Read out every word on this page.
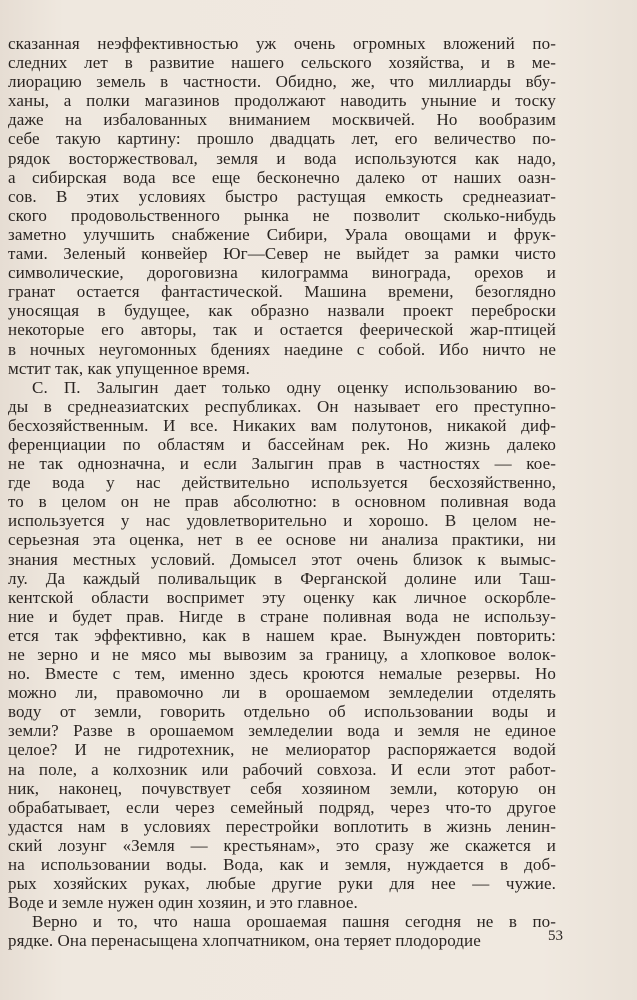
сказанная неэффективностью уж очень огромных вложений по-
следних лет в развитие нашего сельского хозяйства, и в ме-
лиорацию земель в частности. Обидно, же, что миллиарды вбу-
ханы, а полки магазинов продолжают наводить уныние и тоску
даже на избалованных вниманием москвичей. Но вообразим
себе такую картину: прошло двадцать лет, его величество по-
рядок восторжествовал, земля и вода используются как надо,
а сибирская вода все еще бесконечно далеко от наших оазн-
сов. В этих условиях быстро растущая емкость среднеазиат-
ского продовольственного рынка не позволит сколько-нибудь
заметно улучшить снабжение Сибири, Урала овощами и фрук-
тами. Зеленый конвейер Юг—Север не выйдет за рамки чисто
символические, дороговизна килограмма винограда, орехов и
гранат остается фантастической. Машина времени, безоглядно
уносящая в будущее, как образно назвали проект переброски
некоторые его авторы, так и остается феерической жар-птицей
в ночных неугомонных бдениях наедине с собой. Ибо ничто не
мстит так, как упущенное время.
С. П. Залыгин дает только одну оценку использованию во-
ды в среднеазиатских республиках. Он называет его преступно-
бесхозяйственным. И все. Никаких вам полутонов, никакой диф-
ференциации по областям и бассейнам рек. Но жизнь далеко
не так однозначна, и если Залыгин прав в частностях — кое-
где вода у нас действительно используется бесхозяйственно,
то в целом он не прав абсолютно: в основном поливная вода
используется у нас удовлетворительно и хорошо. В целом не-
серьезная эта оценка, нет в ее основе ни анализа практики, ни
знания местных условий. Домысел этот очень близок к вымыс-
лу. Да каждый поливальщик в Ферганской долине или Таш-
кентской области воспримет эту оценку как личное оскорбле-
ние и будет прав. Нигде в стране поливная вода не использу-
ется так эффективно, как в нашем крае. Вынужден повторить:
не зерно и не мясо мы вывозим за границу, а хлопковое волок-
но. Вместе с тем, именно здесь кроются немалые резервы. Но
можно ли, правомочно ли в орошаемом земледелии отделять
воду от земли, говорить отдельно об использовании воды и
земли? Разве в орошаемом земледелии вода и земля не единое
целое? И не гидротехник, не мелиоратор распоряжается водой
на поле, а колхозник или рабочий совхоза. И если этот работ-
ник, наконец, почувствует себя хозяином земли, которую он
обрабатывает, если через семейный подряд, через что-то другое
удастся нам в условиях перестройки воплотить в жизнь ленин-
ский лозунг «Земля — крестьянам», это сразу же скажется и
на использовании воды. Вода, как и земля, нуждается в доб-
рых хозяйских руках, любые другие руки для нее — чужие.
Воде и земле нужен один хозяин, и это главное.
Верно и то, что наша орошаемая пашня сегодня не в по-
рядке. Она перенасыщена хлопчатником, она теряет плодородие	53
